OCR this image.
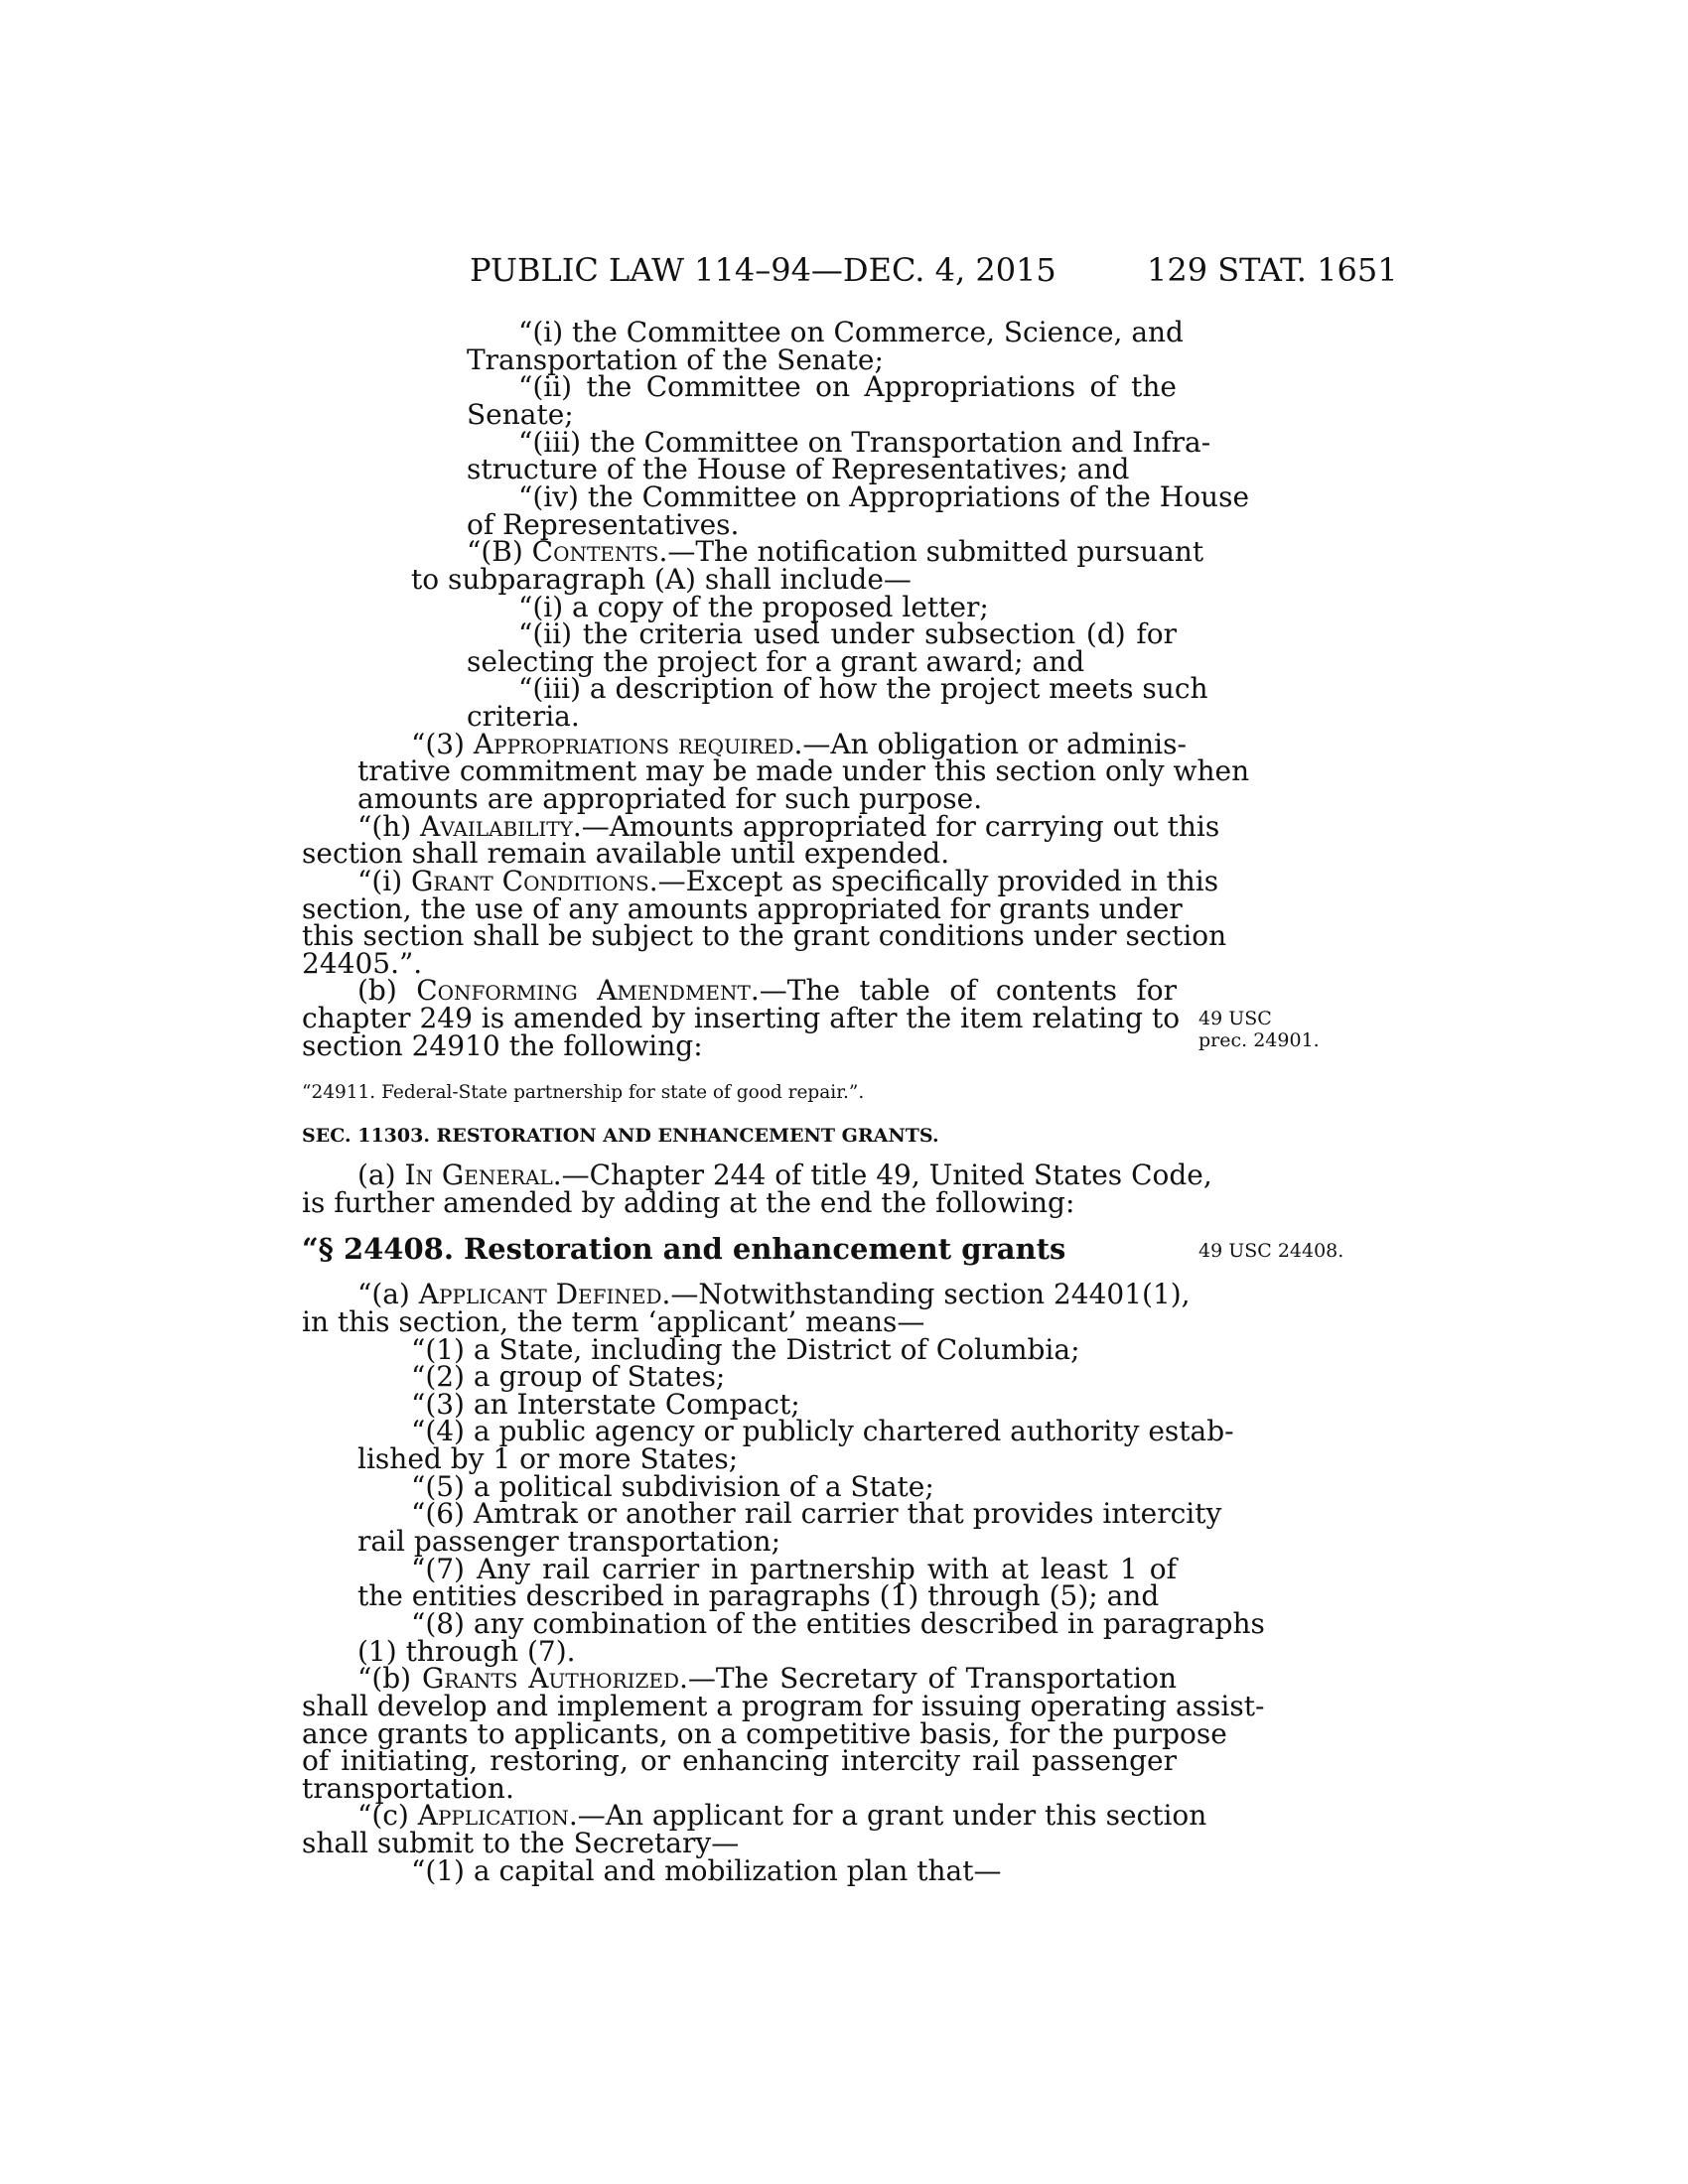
PUBLIC LAW 114–94—DEC. 4, 2015	129 STAT. 1651
“(i) the Committee on Commerce, Science, and
Transportation of the Senate;
“(ii) the Committee on Appropriations of the
Senate;
“(iii) the Committee on Transportation and Infra-
structure of the House of Representatives; and
“(iv) the Committee on Appropriations of the House
of Representatives.
“(B) Contents.—The notification submitted pursuant
to subparagraph (A) shall include—
“(i) a copy of the proposed letter;
“(ii) the criteria used under subsection (d) for
selecting the project for a grant award; and
“(iii) a description of how the project meets such
criteria.
“(3) Appropriations required.—An obligation or adminis-
trative commitment may be made under this section only when
amounts are appropriated for such purpose.
“(h) Availability.—Amounts appropriated for carrying out this
section shall remain available until expended.
“(i) Grant Conditions.—Except as specifically provided in this
section, the use of any amounts appropriated for grants under
this section shall be subject to the grant conditions under section
24405.”.
(b) Conforming Amendment.—The table of contents for
chapter 249 is amended by inserting after the item relating to
section 24910 the following:
“24911. Federal-State partnership for state of good repair.”.
SEC. 11303. RESTORATION AND ENHANCEMENT GRANTS.
(a) In General.—Chapter 244 of title 49, United States Code,
is further amended by adding at the end the following:
“§ 24408. Restoration and enhancement grants
“(a) Applicant Defined.—Notwithstanding section 24401(1),
in this section, the term ‘applicant’ means—
“(1) a State, including the District of Columbia;
“(2) a group of States;
“(3) an Interstate Compact;
“(4) a public agency or publicly chartered authority estab-
lished by 1 or more States;
“(5) a political subdivision of a State;
“(6) Amtrak or another rail carrier that provides intercity
rail passenger transportation;
“(7) Any rail carrier in partnership with at least 1 of
the entities described in paragraphs (1) through (5); and
“(8) any combination of the entities described in paragraphs
(1) through (7).
“(b) Grants Authorized.—The Secretary of Transportation
shall develop and implement a program for issuing operating assist-
ance grants to applicants, on a competitive basis, for the purpose
of initiating, restoring, or enhancing intercity rail passenger
transportation.
“(c) Application.—An applicant for a grant under this section
shall submit to the Secretary—
“(1) a capital and mobilization plan that—
49 USC
prec. 24901.
49 USC 24408.
